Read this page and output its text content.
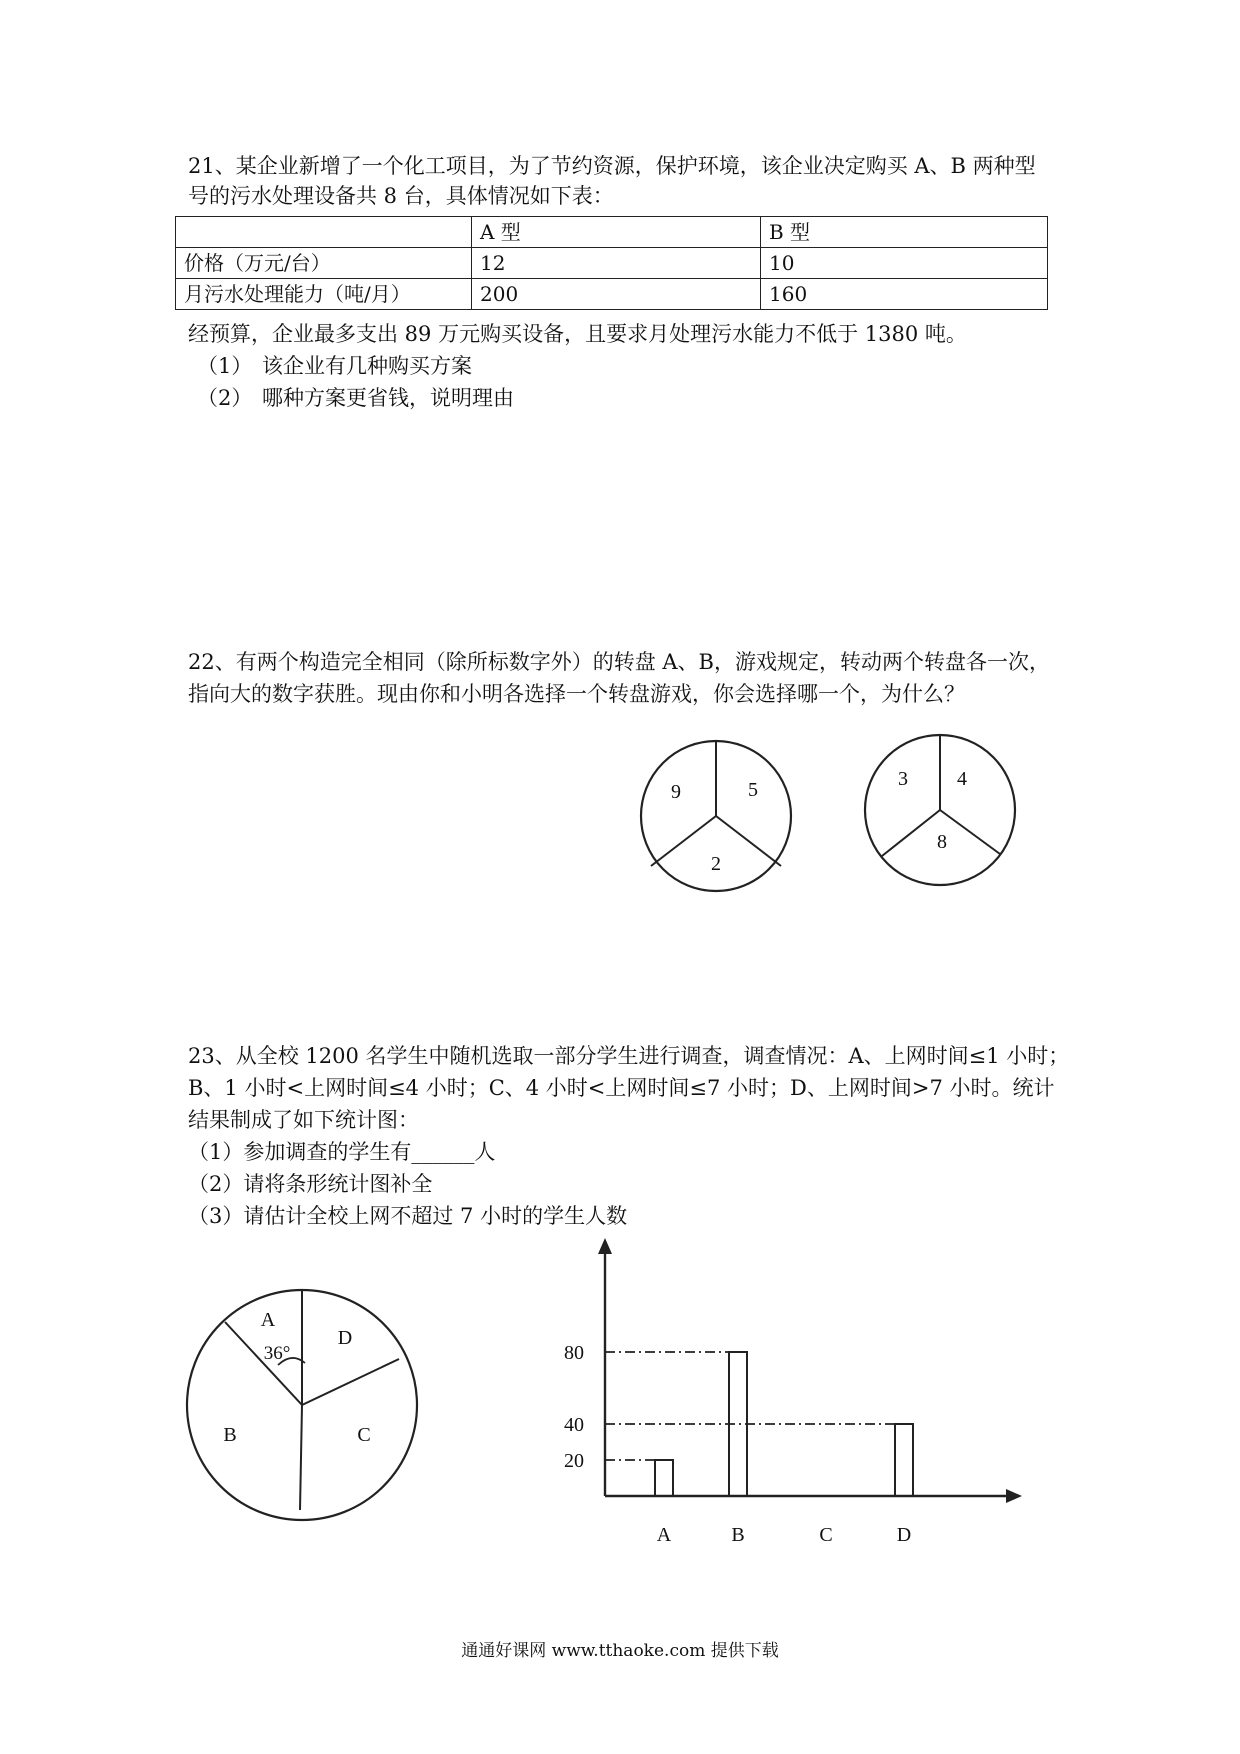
21、某企业新增了一个化工项目，为了节约资源，保护环境，该企业决定购买 A、B 两种型
号的污水处理设备共 8 台，具体情况如下表：
	A 型	B 型
价格（万元/台）	12	10
月污水处理能力（吨/月）	200	160
经预算，企业最多支出 89 万元购买设备，且要求月处理污水能力不低于 1380 吨。
（1） 该企业有几种购买方案
（2） 哪种方案更省钱，说明理由
22、有两个构造完全相同（除所标数字外）的转盘 A、B，游戏规定，转动两个转盘各一次，
指向大的数字获胜。现由你和小明各选择一个转盘游戏，你会选择哪一个，为什么？
9	5
2
3 4
8
A
D
B	C
36°
20
40
80
A	B	C	D
23、从全校 1200 名学生中随机选取一部分学生进行调查，调查情况：A、上网时间≤1 小时；
B、1 小时<上网时间≤4 小时；C、4 小时<上网时间≤7 小时；D、上网时间>7 小时。统计
结果制成了如下统计图：
（1）参加调查的学生有______人
（2）请将条形统计图补全
（3）请估计全校上网不超过 7 小时的学生人数
通通好课网 www.tthaoke.com 提供下载
